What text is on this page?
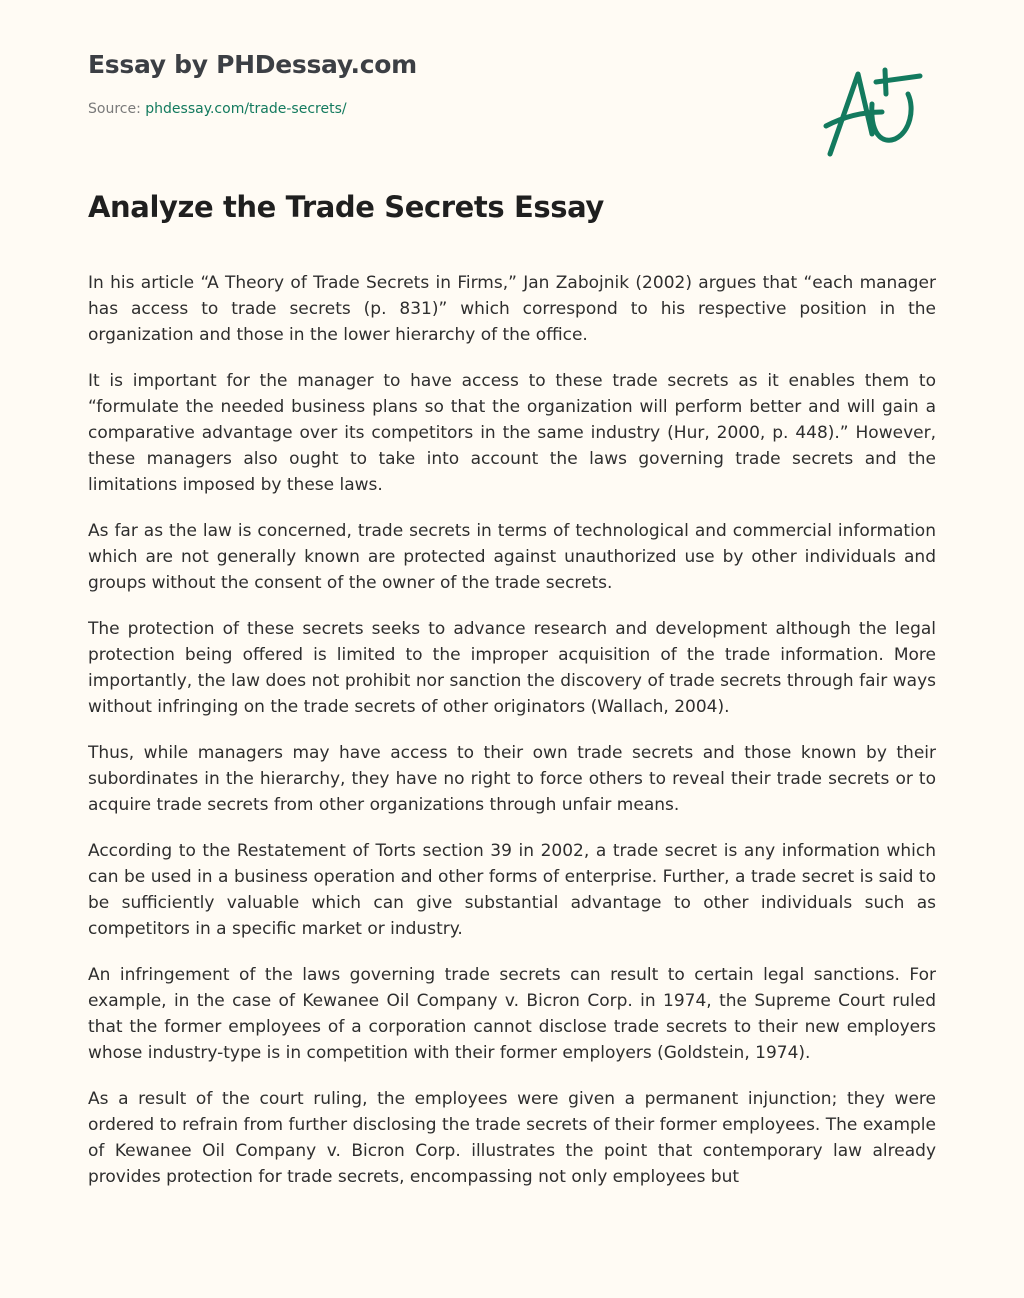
Essay by PHDessay.com
Source: phdessay.com/trade-secrets/
Analyze the Trade Secrets Essay

In his article “A Theory of Trade Secrets in Firms,” Jan Zabojnik (2002) argues that “each manager has access to trade secrets (p. 831)” which correspond to his respective position in the organization and those in the lower hierarchy of the office.

It is important for the manager to have access to these trade secrets as it enables them to “formulate the needed business plans so that the organization will perform better and will gain a comparative advantage over its competitors in the same industry (Hur, 2000, p. 448).” However, these managers also ought to take into account the laws governing trade secrets and the limitations imposed by these laws.

As far as the law is concerned, trade secrets in terms of technological and commercial information which are not generally known are protected against unauthorized use by other individuals and groups without the consent of the owner of the trade secrets.

The protection of these secrets seeks to advance research and development although the legal protection being offered is limited to the improper acquisition of the trade information. More importantly, the law does not prohibit nor sanction the discovery of trade secrets through fair ways without infringing on the trade secrets of other originators (Wallach, 2004).

Thus, while managers may have access to their own trade secrets and those known by their subordinates in the hierarchy, they have no right to force others to reveal their trade secrets or to acquire trade secrets from other organizations through unfair means.

According to the Restatement of Torts section 39 in 2002, a trade secret is any information which can be used in a business operation and other forms of enterprise. Further, a trade secret is said to be sufficiently valuable which can give substantial advantage to other individuals such as competitors in a specific market or industry.

An infringement of the laws governing trade secrets can result to certain legal sanctions. For example, in the case of Kewanee Oil Company v. Bicron Corp. in 1974, the Supreme Court ruled that the former employees of a corporation cannot disclose trade secrets to their new employers whose industry-type is in competition with their former employers (Goldstein, 1974).

As a result of the court ruling, the employees were given a permanent injunction; they were ordered to refrain from further disclosing the trade secrets of their former employees. The example of Kewanee Oil Company v. Bicron Corp. illustrates the point that contemporary law already provides protection for trade secrets, encompassing not only employees but
